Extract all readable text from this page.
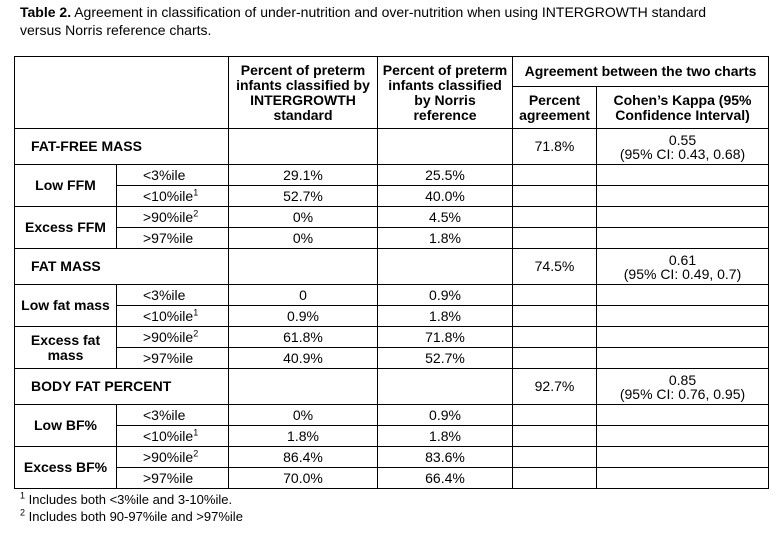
Table 2. Agreement in classification of under-nutrition and over-nutrition when using INTERGROWTH standard versus Norris reference charts.
		Percent of preterm infants classified by INTERGROWTH standard	Percent of preterm infants classified by Norris reference	Agreement between the two charts	
				Percent agreement	Cohen’s Kappa (95% Confidence Interval)
FAT-FREE MASS				71.8%	0.55
(95% CI: 0.43, 0.68)

Low FFM	<3%ile	29.1%	25.5%		
	<10%ile$^1$	52.7%	40.0%		
Excess FFM	>90%ile$^2$	0%	4.5%		
	>97%ile	0%	1.8%		
FAT MASS				74.5%	0.61
(95% CI: 0.49, 0.7)

Low fat mass	<3%ile	0	0.9%		
	<10%ile$^1$	0.9%	1.8%		
Excess fat mass	>90%ile$^2$	61.8%	71.8%		
	>97%ile	40.9%	52.7%		
BODY FAT PERCENT				92.7%	0.85
(95% CI: 0.76, 0.95)

Low BF%	<3%ile	0%	0.9%		
	<10%ile$^1$	1.8%	1.8%		
Excess BF%	>90%ile$^2$	86.4%	83.6%		
	>97%ile	70.0%	66.4%		
$^1$ Includes both <3%ile and 3-10%ile.
$^2$ Includes both 90-97%ile and >97%ile
